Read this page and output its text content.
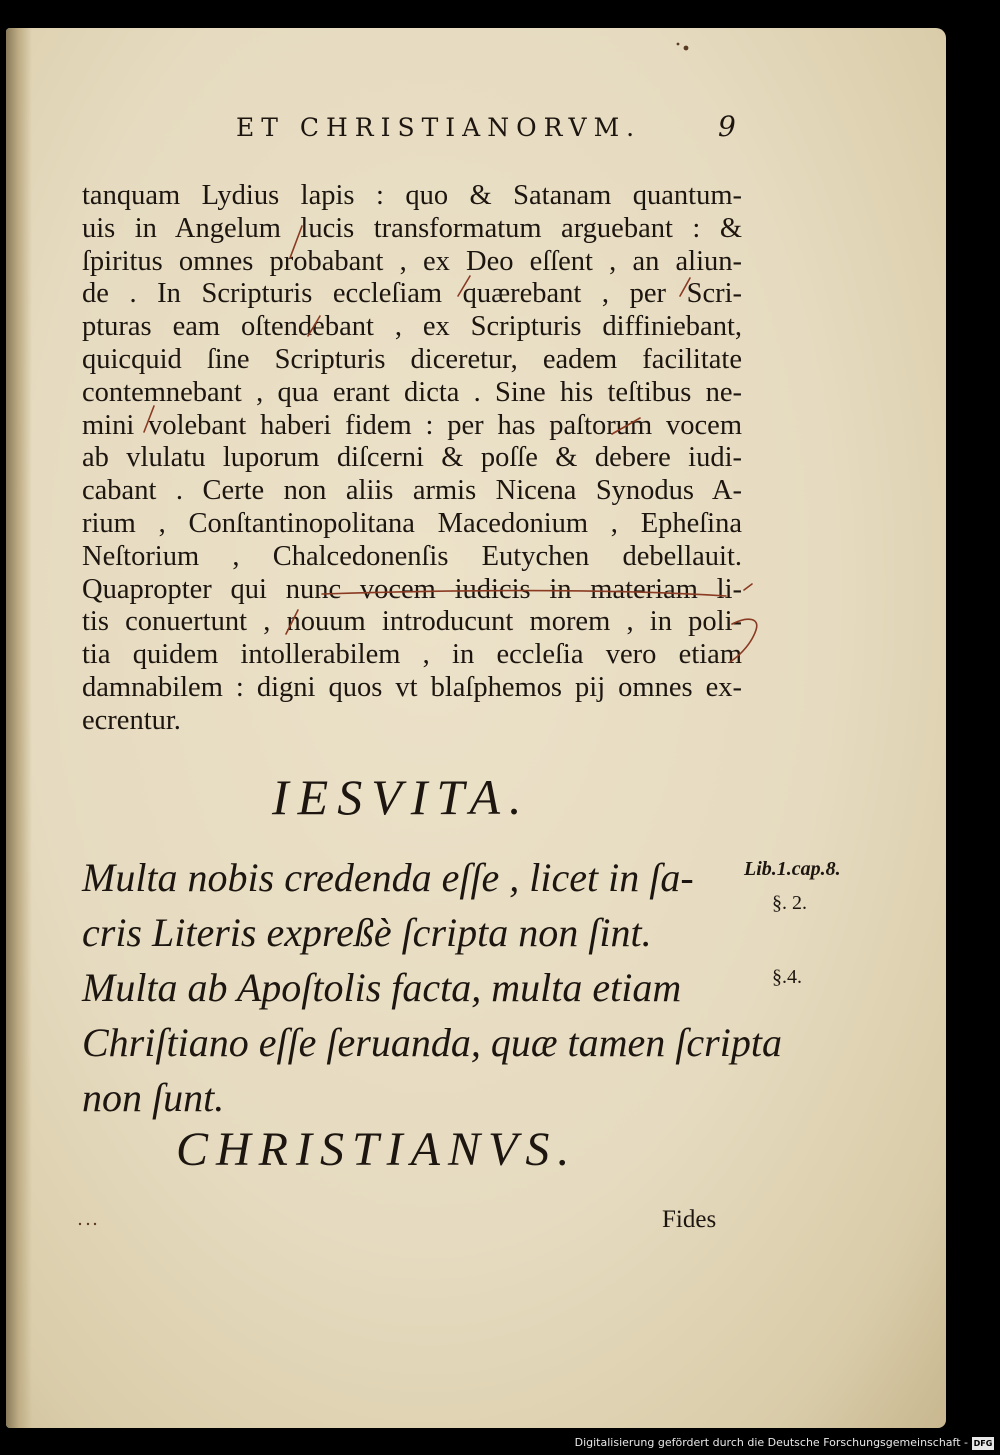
ET CHRISTIANORVM.	9
tanquam Lydius lapis : quo & Satanam quantum-
uis in Angelum lucis transformatum arguebant : &
ſpiritus omnes probabant , ex Deo eſſent , an aliun-
de . In Scripturis eccleſiam quærebant , per Scri-
pturas eam oſtendebant , ex Scripturis diffiniebant,
quicquid ſine Scripturis diceretur, eadem facilitate
contemnebant , qua erant dicta . Sine his teſtibus ne-
mini volebant haberi fidem : per has paſtorum vocem
ab vlulatu luporum diſcerni & poſſe & debere iudi-
cabant . Certe non aliis armis Nicena Synodus A-
rium , Conſtantinopolitana Macedonium , Epheſina
Neſtorium , Chalcedonenſis Eutychen debellauit.
Quapropter qui nunc vocem iudicis in materiam li-
tis conuertunt , nouum introducunt morem , in poli-
tia quidem intollerabilem , in eccleſia vero etiam
damnabilem : digni quos vt blaſphemos pij omnes ex-
ecrentur.
IESVITA.
Multa nobis credenda eſſe , licet in ſa-
cris Literis expreßè ſcripta non ſint.
Multa ab Apoſtolis facta, multa etiam
Chriſtiano eſſe ſeruanda, quæ tamen ſcripta
non ſunt.
Lib.1.cap.8.
§. 2.
§.4.
CHRISTIANVS.
Fides
Digitalisierung gefördert durch die Deutsche Forschungsgemeinschaft - DFG
